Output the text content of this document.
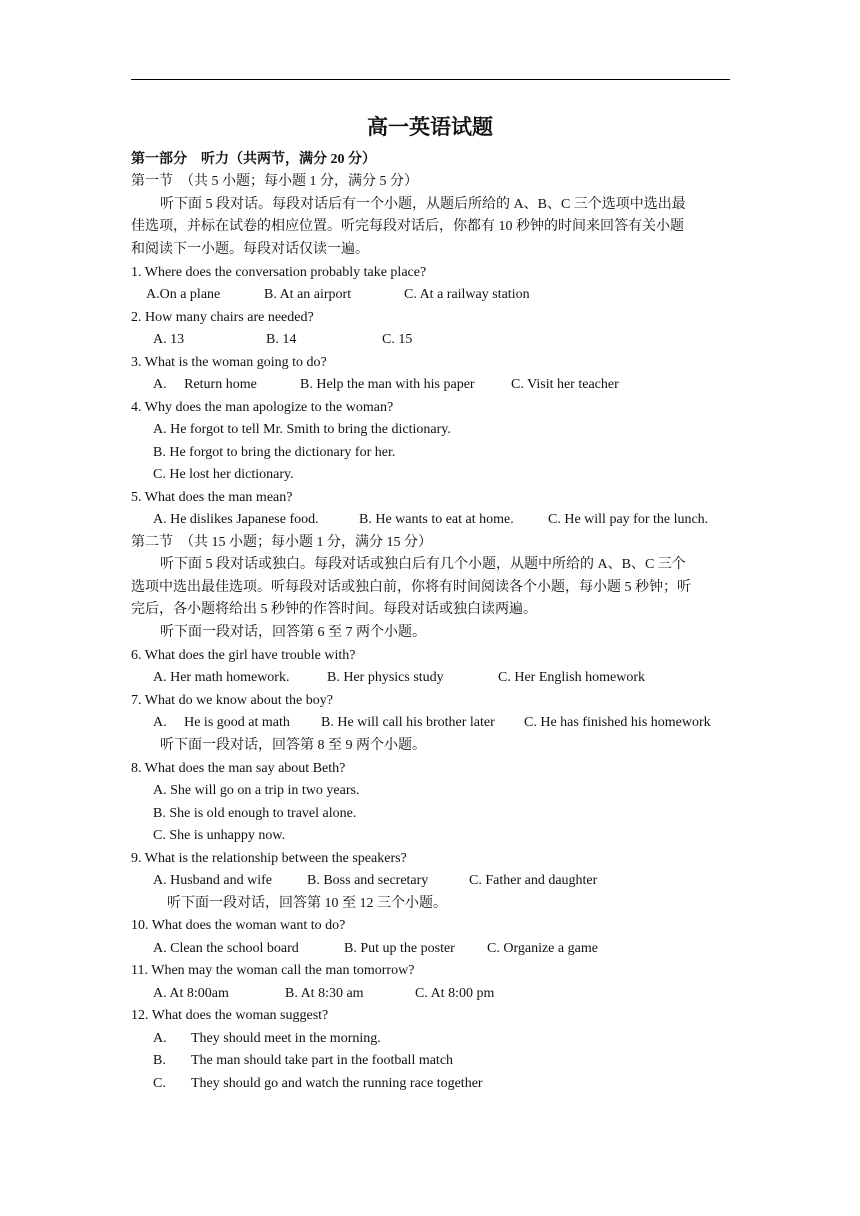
高一英语试题
第一部分　听力（共两节，满分 20 分）
第一节　（共 5 小题；每小题 1 分，满分 5 分）
听下面 5 段对话。每段对话后有一个小题，从题后所给的 A、B、C 三个选项中选出最
佳选项，并标在试卷的相应位置。听完每段对话后，你都有 10 秒钟的时间来回答有关小题
和阅读下一小题。每段对话仅读一遍。
1. Where does the conversation probably take place?
A.On a plane	B. At an airport	C. At a railway station
2. How many chairs are needed?
A. 13	B. 14	C. 15
3. What is the woman going to do?
A.　 Return home	B. Help the man with his paper	C. Visit her teacher
4. Why does the man apologize to the woman?
A. He forgot to tell Mr. Smith to bring the dictionary.
B. He forgot to bring the dictionary for her.
C. He lost her dictionary.
5. What does the man mean?
A. He dislikes Japanese food.	B. He wants to eat at home. C. He will pay for the lunch.
第二节　（共 15 小题；每小题 1 分，满分 15 分）
听下面 5 段对话或独白。每段对话或独白后有几个小题，从题中所给的 A、B、C 三个
选项中选出最佳选项。听每段对话或独白前，你将有时间阅读各个小题，每小题 5 秒钟；听
完后，各小题将给出 5 秒钟的作答时间。每段对话或独白读两遍。
听下面一段对话，回答第 6 至 7 两个小题。
6. What does the girl have trouble with?
A. Her math homework.	B. Her physics study	C. Her English homework
7. What do we know about the boy?
A.　 He is good at math B. He will call his brother later C. He has finished his homework
听下面一段对话，回答第 8 至 9 两个小题。
8. What does the man say about Beth?
A. She will go on a trip in two years.
B. She is old enough to travel alone.
C. She is unhappy now.
9. What is the relationship between the speakers?
A. Husband and wife	B. Boss and secretary	C. Father and daughter
听下面一段对话，回答第 10 至 12 三个小题。
10. What does the woman want to do?
A. Clean the school board	B. Put up the poster C. Organize a game
11. When may the woman call the man tomorrow?
A. At 8:00am	B. At 8:30 am	C. At 8:00 pm
12. What does the woman suggest?
A. They should meet in the morning.
B. The man should take part in the football match
C. They should go and watch the running race together
